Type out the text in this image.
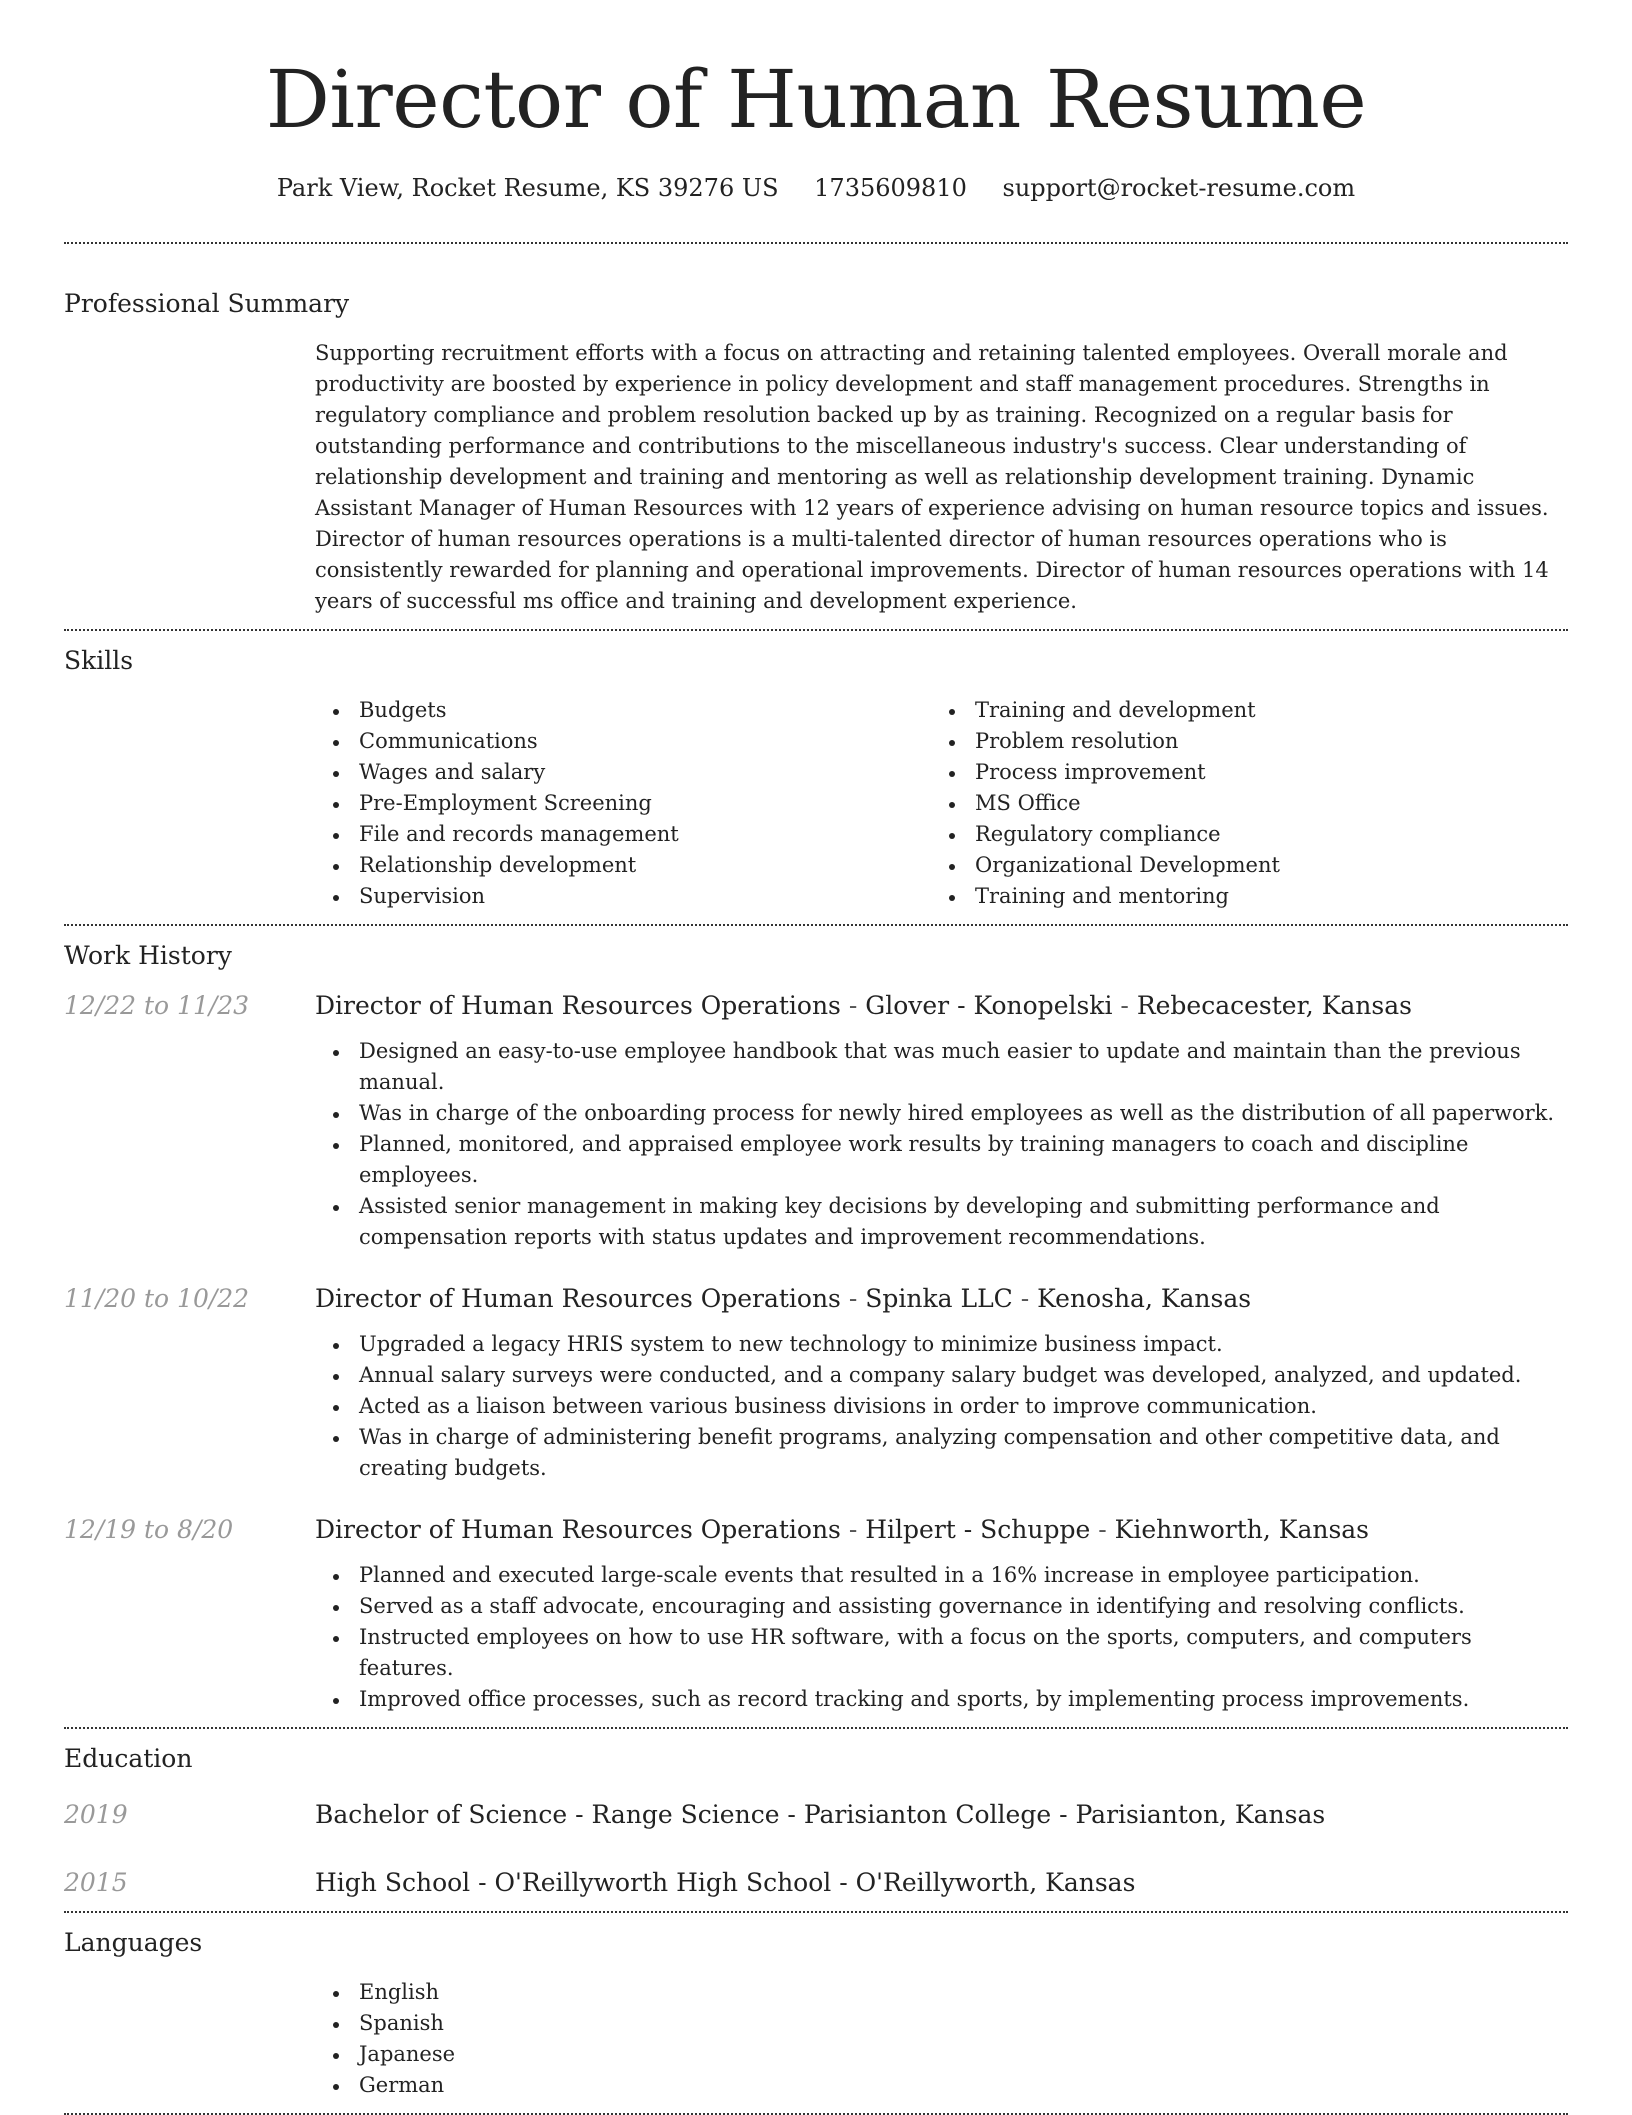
Director of Human Resume
Park View, Rocket Resume, KS 39276 US 1735609810 support@rocket-resume.com
Professional Summary
Supporting recruitment efforts with a focus on attracting and retaining talented employees. Overall morale and productivity are boosted by experience in policy development and staff management procedures. Strengths in regulatory compliance and problem resolution backed up by as training. Recognized on a regular basis for outstanding performance and contributions to the miscellaneous industry's success. Clear understanding of relationship development and training and mentoring as well as relationship development training. Dynamic Assistant Manager of Human Resources with 12 years of experience advising on human resource topics and issues. Director of human resources operations is a multi-talented director of human resources operations who is consistently rewarded for planning and operational improvements. Director of human resources operations with 14 years of successful ms office and training and development experience.
Skills
Budgets
Communications
Wages and salary
Pre-Employment Screening
File and records management
Relationship development
Supervision
Training and development
Problem resolution
Process improvement
MS Office
Regulatory compliance
Organizational Development
Training and mentoring
Work History
12/22 to 11/23	Director of Human Resources Operations - Glover - Konopelski - Rebecacester, Kansas
Designed an easy-to-use employee handbook that was much easier to update and maintain than the previous manual.
Was in charge of the onboarding process for newly hired employees as well as the distribution of all paperwork.
Planned, monitored, and appraised employee work results by training managers to coach and discipline employees.
Assisted senior management in making key decisions by developing and submitting performance and compensation reports with status updates and improvement recommendations.
11/20 to 10/22	Director of Human Resources Operations - Spinka LLC - Kenosha, Kansas
Upgraded a legacy HRIS system to new technology to minimize business impact.
Annual salary surveys were conducted, and a company salary budget was developed, analyzed, and updated.
Acted as a liaison between various business divisions in order to improve communication.
Was in charge of administering benefit programs, analyzing compensation and other competitive data, and creating budgets.
12/19 to 8/20	Director of Human Resources Operations - Hilpert - Schuppe - Kiehnworth, Kansas
Planned and executed large-scale events that resulted in a 16% increase in employee participation.
Served as a staff advocate, encouraging and assisting governance in identifying and resolving conflicts.
Instructed employees on how to use HR software, with a focus on the sports, computers, and computers features.
Improved office processes, such as record tracking and sports, by implementing process improvements.
Education
2019	Bachelor of Science - Range Science - Parisianton College - Parisianton, Kansas
2015	High School - O'Reillyworth High School - O'Reillyworth, Kansas
Languages
English
Spanish
Japanese
German
